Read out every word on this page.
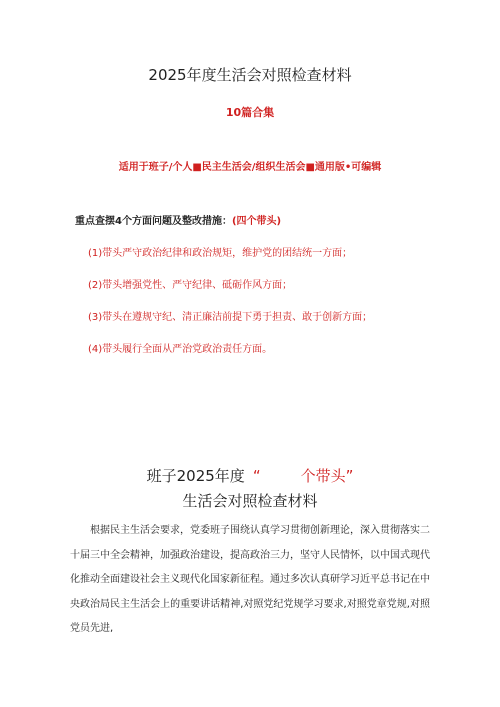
2025年度生活会对照检查材料
10篇合集
适用于班子/个人■民主生活会/组织生活会■通用版•可编辑
重点查摆4个方面问题及整改措施：(四个带头)
(1)带头严守政治纪律和政治规矩，维护党的团结统一方面；
(2)带头增强党性、严守纪律、砥砺作风方面；
(3)带头在遵规守纪、清正廉洁前提下勇于担责、敢于创新方面；
(4)带头履行全面从严治党政治责任方面。
班子2025年度 “	个带头”
生活会对照检查材料
根据民主生活会要求，党委班子围绕认真学习贯彻创新理论，深入贯彻落实二十届三中全会精神，加强政治建设，提高政治三力，坚守人民情怀，以中国式现代化推动全面建设社会主义现代化国家新征程。通过多次认真研学习近平总书记在中央政治局民主生活会上的重要讲话精神,对照党纪党规学习要求,对照党章党规,对照党员先进,
